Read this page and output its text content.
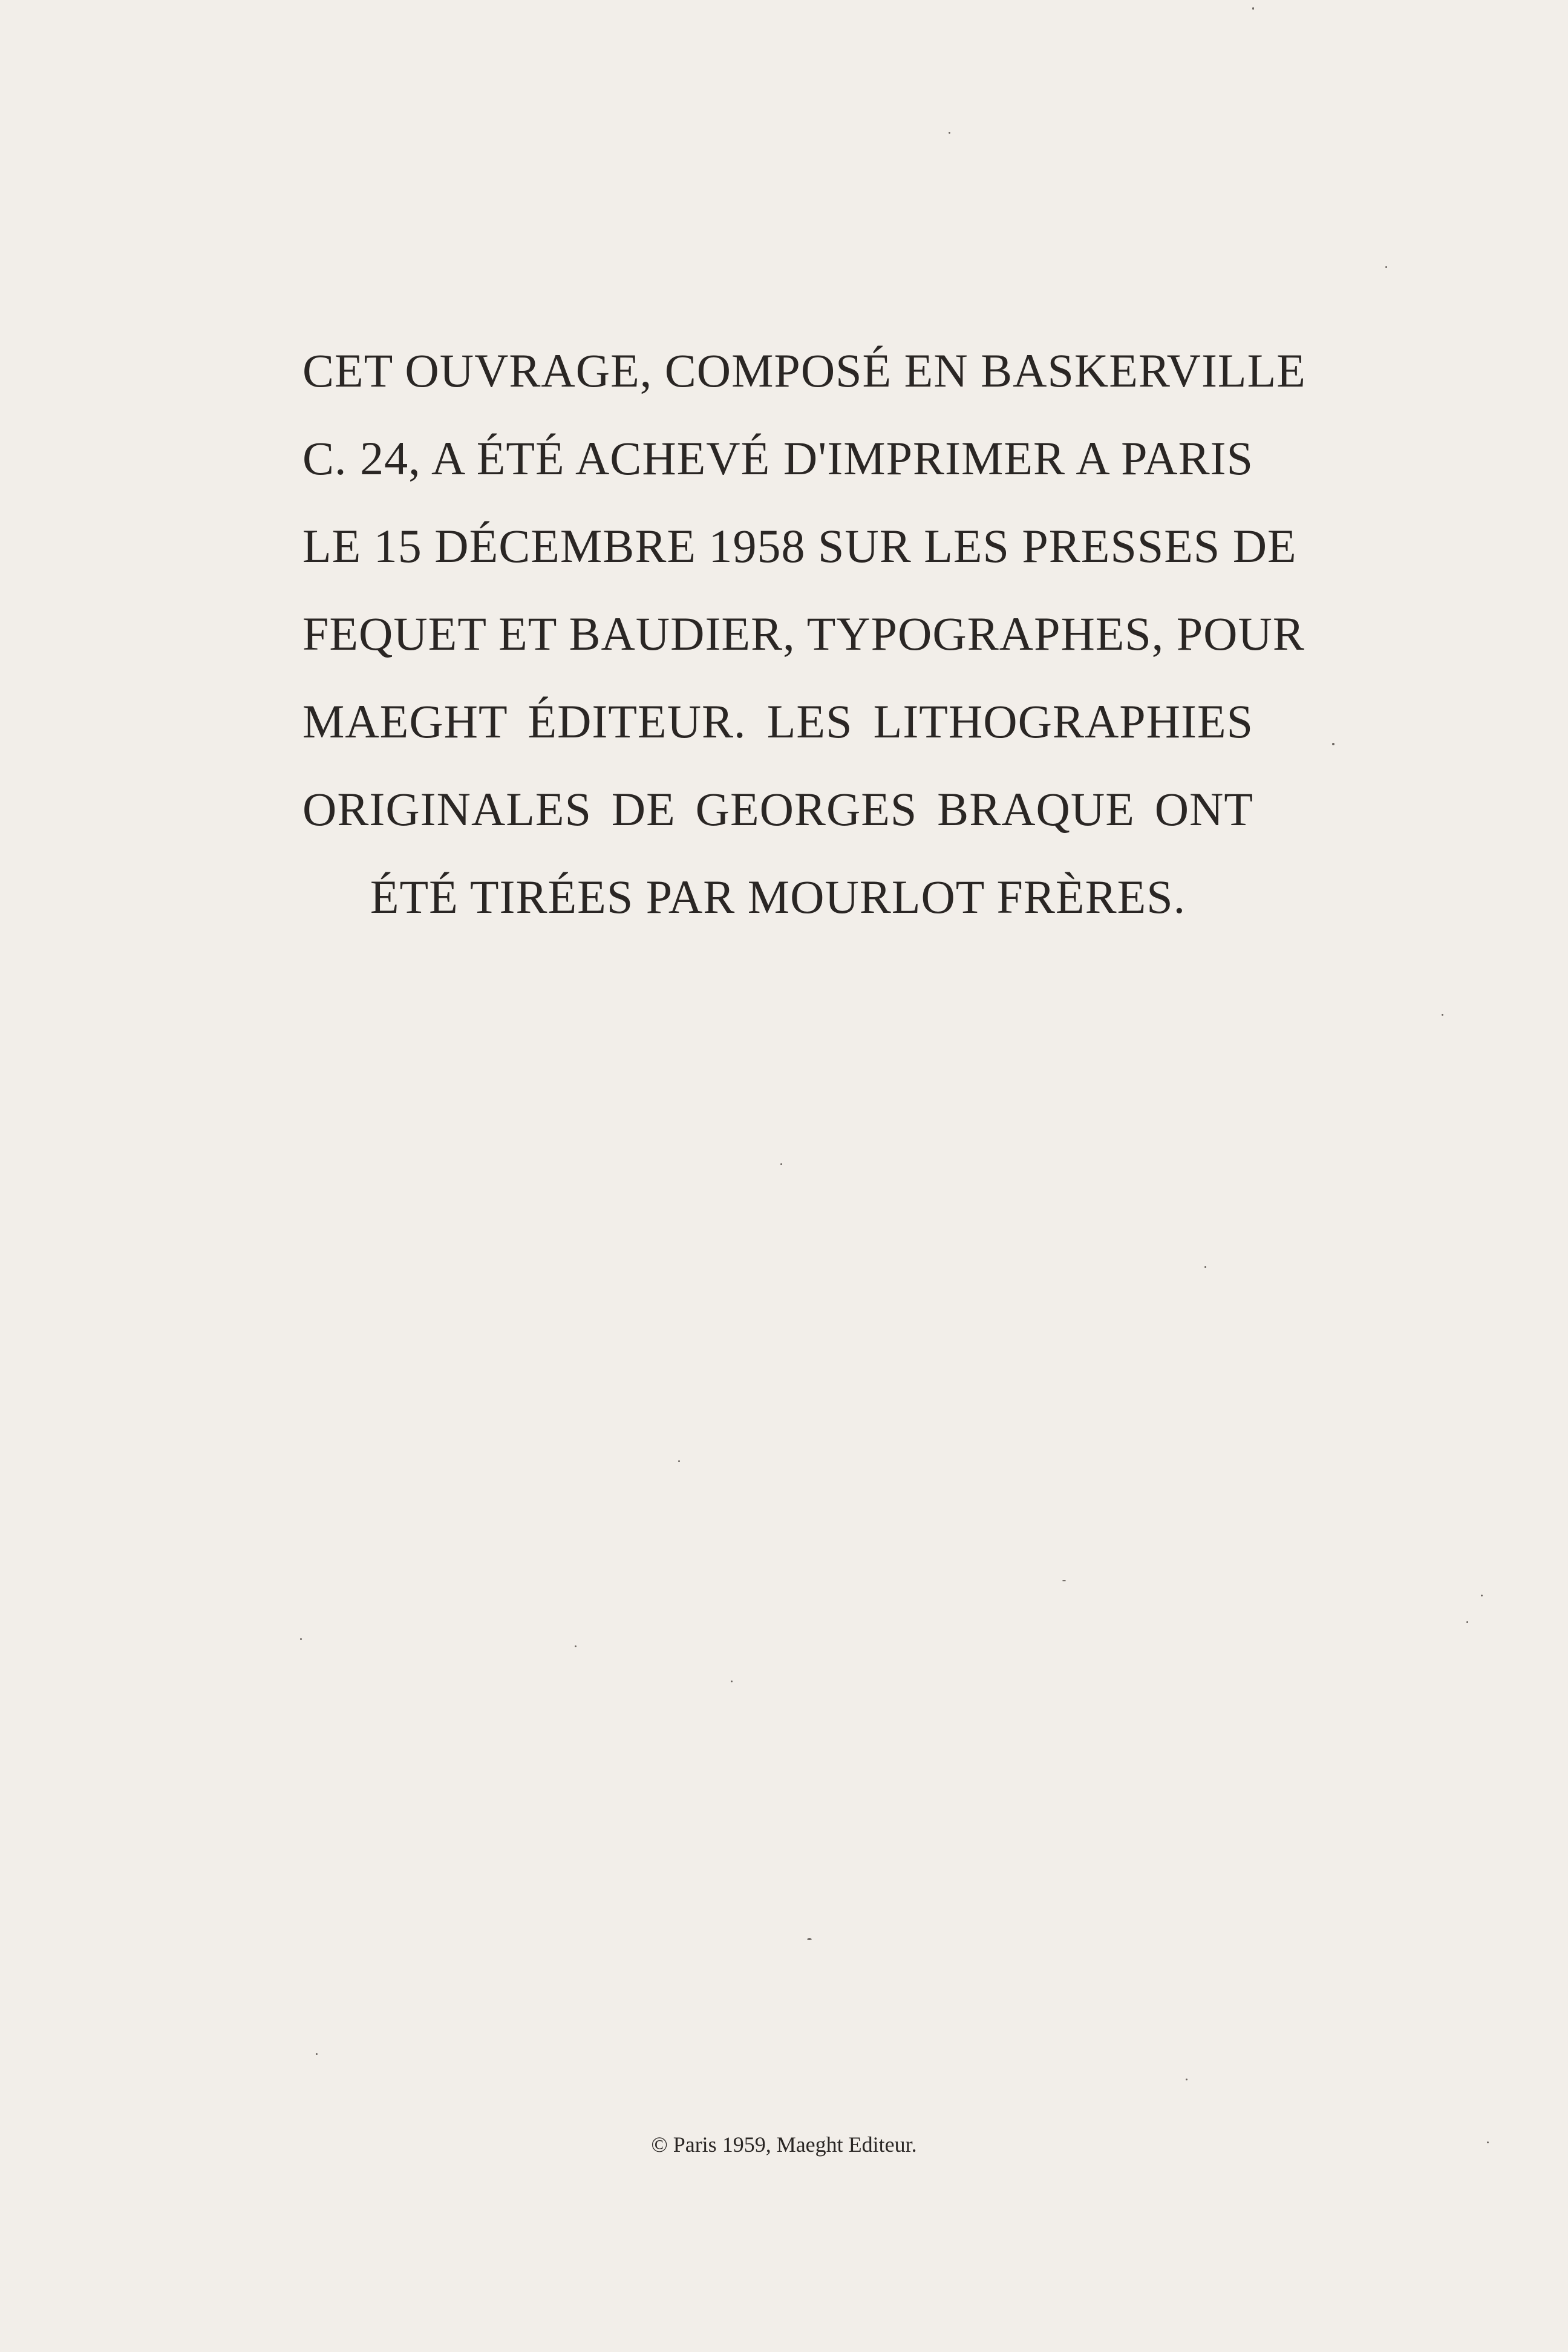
CET OUVRAGE, COMPOSÉ EN BASKERVILLE
C. 24, A ÉTÉ ACHEVÉ D'IMPRIMER A PARIS
LE 15 DÉCEMBRE 1958 SUR LES PRESSES DE
FEQUET ET BAUDIER, TYPOGRAPHES, POUR
MAEGHT ÉDITEUR. LES LITHOGRAPHIES
ORIGINALES DE GEORGES BRAQUE ONT
ÉTÉ TIRÉES PAR MOURLOT FRÈRES.
© Paris 1959, Maeght Editeur.
